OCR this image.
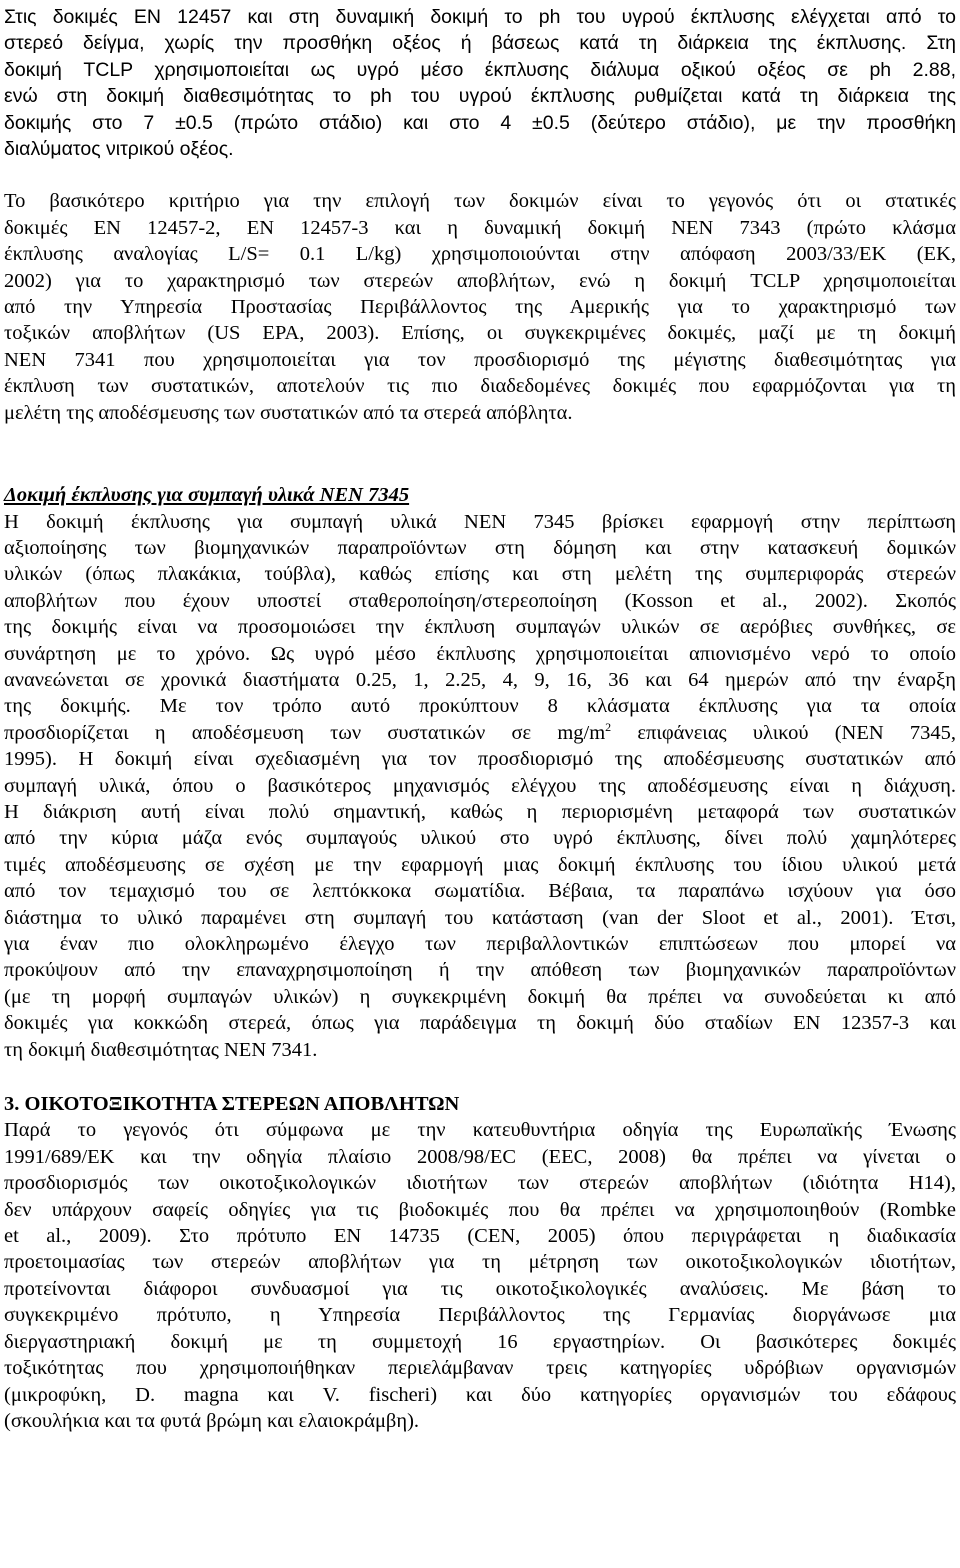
Στις δοκιμές EN 12457 και στη δυναμική δοκιμή το ph του υγρού έκπλυσης ελέγχεται από το

στερεό δείγμα, χωρίς την προσθήκη οξέος ή βάσεως κατά τη διάρκεια της έκπλυσης. Στη

δοκιμή TCLP χρησιμοποιείται ως υγρό μέσο έκπλυσης διάλυμα οξικού οξέος σε ph 2.88,

ενώ στη δοκιμή διαθεσιμότητας το ph του υγρού έκπλυσης ρυθμίζεται κατά τη διάρκεια της

δοκιμής στο 7 ±0.5 (πρώτο στάδιο) και στο 4 ±0.5 (δεύτερο στάδιο), με την προσθήκη

διαλύματος νιτρικού οξέος.

Το βασικότερο κριτήριο για την επιλογή των δοκιμών είναι το γεγονός ότι οι στατικές

δοκιμές EN 12457-2, EN 12457-3 και η δυναμική δοκιμή NEN 7343 (πρώτο κλάσμα

έκπλυσης αναλογίας L/S= 0.1 L/kg) χρησιμοποιούνται στην απόφαση 2003/33/ΕΚ (ΕΚ,

2002) για το χαρακτηρισμό των στερεών αποβλήτων, ενώ η δοκιμή TCLP χρησιμοποιείται

από την Υπηρεσία Προστασίας Περιβάλλοντος της Αμερικής για το χαρακτηρισμό των

τοξικών αποβλήτων (US EPA, 2003). Επίσης, οι συγκεκριμένες δοκιμές, μαζί με τη δοκιμή

NEN 7341 που χρησιμοποιείται για τον προσδιορισμό της μέγιστης διαθεσιμότητας για

έκπλυση των συστατικών, αποτελούν τις πιο διαδεδομένες δοκιμές που εφαρμόζονται για τη

μελέτη της αποδέσμευσης των συστατικών από τα στερεά απόβλητα.

Δοκιμή έκπλυσης για συμπαγή υλικά NEN 7345

Η δοκιμή έκπλυσης για συμπαγή υλικά NEN 7345 βρίσκει εφαρμογή στην περίπτωση

αξιοποίησης των βιομηχανικών παραπροϊόντων στη δόμηση και στην κατασκευή δομικών

υλικών (όπως πλακάκια, τούβλα), καθώς επίσης και στη μελέτη της συμπεριφοράς στερεών

αποβλήτων που έχουν υποστεί σταθεροποίηση/στερεοποίηση (Kosson et al., 2002). Σκοπός

της δοκιμής είναι να προσομοιώσει την έκπλυση συμπαγών υλικών σε αερόβιες συνθήκες, σε

συνάρτηση με το χρόνο. Ως υγρό μέσο έκπλυσης χρησιμοποιείται απιονισμένο νερό το οποίο

ανανεώνεται σε χρονικά διαστήματα 0.25, 1, 2.25, 4, 9, 16, 36 και 64 ημερών από την έναρξη

της δοκιμής. Με τον τρόπο αυτό προκύπτουν 8 κλάσματα έκπλυσης για τα οποία

προσδιορίζεται η αποδέσμευση των συστατικών σε $mg/m^2$ επιφάνειας υλικού (NEN 7345,

1995). Η δοκιμή είναι σχεδιασμένη για τον προσδιορισμό της αποδέσμευσης συστατικών από

συμπαγή υλικά, όπου ο βασικότερος μηχανισμός ελέγχου της αποδέσμευσης είναι η διάχυση.

Η διάκριση αυτή είναι πολύ σημαντική, καθώς η περιορισμένη μεταφορά των συστατικών

από την κύρια μάζα ενός συμπαγούς υλικού στο υγρό έκπλυσης, δίνει πολύ χαμηλότερες

τιμές αποδέσμευσης σε σχέση με την εφαρμογή μιας δοκιμή έκπλυσης του ίδιου υλικού μετά

από τον τεμαχισμό του σε λεπτόκκοκα σωματίδια. Βέβαια, τα παραπάνω ισχύουν για όσο

διάστημα το υλικό παραμένει στη συμπαγή του κατάσταση (van der Sloot et al., 2001). Έτσι,

για έναν πιο ολοκληρωμένο έλεγχο των περιβαλλοντικών επιπτώσεων που μπορεί να

προκύψουν από την επαναχρησιμοποίηση ή την απόθεση των βιομηχανικών παραπροϊόντων

(με τη μορφή συμπαγών υλικών) η συγκεκριμένη δοκιμή θα πρέπει να συνοδεύεται κι από

δοκιμές για κοκκώδη στερεά, όπως για παράδειγμα τη δοκιμή δύο σταδίων EN 12357-3 και

τη δοκιμή διαθεσιμότητας NEN 7341.

3. ΟΙΚΟΤΟΞΙΚΟΤΗΤΑ ΣΤΕΡΕΩΝ ΑΠΟΒΛΗΤΩΝ

Παρά το γεγονός ότι σύμφωνα με την κατευθυντήρια οδηγία της Ευρωπαϊκής Ένωσης

1991/689/ΕΚ και την οδηγία πλαίσιο 2008/98/EC (EEC, 2008) θα πρέπει να γίνεται ο

προσδιορισμός των οικοτοξικολογικών ιδιοτήτων των στερεών αποβλήτων (ιδιότητα Η14),

δεν υπάρχουν σαφείς οδηγίες για τις βιοδοκιμές που θα πρέπει να χρησιμοποιηθούν (Rombke

et al., 2009). Στο πρότυπο EN 14735 (CEN, 2005) όπου περιγράφεται η διαδικασία

προετοιμασίας των στερεών αποβλήτων για τη μέτρηση των οικοτοξικολογικών ιδιοτήτων,

προτείνονται διάφοροι συνδυασμοί για τις οικοτοξικολογικές αναλύσεις. Με βάση το

συγκεκριμένο πρότυπο, η Υπηρεσία Περιβάλλοντος της Γερμανίας διοργάνωσε μια

διεργαστηριακή δοκιμή με τη συμμετοχή 16 εργαστηρίων. Οι βασικότερες δοκιμές

τοξικότητας που χρησιμοποιήθηκαν περιελάμβαναν τρεις κατηγορίες υδρόβιων οργανισμών

(μικροφύκη, D. magna και V. fischeri) και δύο κατηγορίες οργανισμών του εδάφους

(σκουλήκια και τα φυτά βρώμη και ελαιοκράμβη).
